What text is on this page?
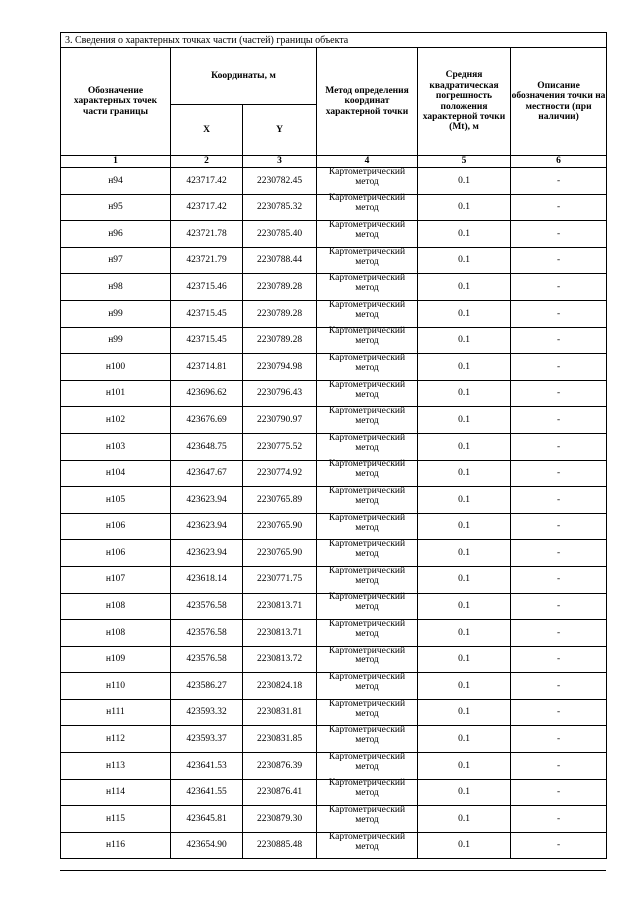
3. Сведения о характерных точках части (частей) границы объекта					
Обозначение характерных точек части границы	Координаты, м		Метод определения координат характерной точки	Средняя квадратическая погрешность положения характерной точки (Mt), м	Описание обозначения точки на местности (при наличии)
	X	Y			
1	2	3	4	5	6
н94	423717.42	2230782.45	Картометрический метод	0.1	-
н95	423717.42	2230785.32	Картометрический метод	0.1	-
н96	423721.78	2230785.40	Картометрический метод	0.1	-
н97	423721.79	2230788.44	Картометрический метод	0.1	-
н98	423715.46	2230789.28	Картометрический метод	0.1	-
н99	423715.45	2230789.28	Картометрический метод	0.1	-
н99	423715.45	2230789.28	Картометрический метод	0.1	-
н100	423714.81	2230794.98	Картометрический метод	0.1	-
н101	423696.62	2230796.43	Картометрический метод	0.1	-
н102	423676.69	2230790.97	Картометрический метод	0.1	-
н103	423648.75	2230775.52	Картометрический метод	0.1	-
н104	423647.67	2230774.92	Картометрический метод	0.1	-
н105	423623.94	2230765.89	Картометрический метод	0.1	-
н106	423623.94	2230765.90	Картометрический метод	0.1	-
н106	423623.94	2230765.90	Картометрический метод	0.1	-
н107	423618.14	2230771.75	Картометрический метод	0.1	-
н108	423576.58	2230813.71	Картометрический метод	0.1	-
н108	423576.58	2230813.71	Картометрический метод	0.1	-
н109	423576.58	2230813.72	Картометрический метод	0.1	-
н110	423586.27	2230824.18	Картометрический метод	0.1	-
н111	423593.32	2230831.81	Картометрический метод	0.1	-
н112	423593.37	2230831.85	Картометрический метод	0.1	-
н113	423641.53	2230876.39	Картометрический метод	0.1	-
н114	423641.55	2230876.41	Картометрический метод	0.1	-
н115	423645.81	2230879.30	Картометрический метод	0.1	-
н116	423654.90	2230885.48	Картометрический метод	0.1	-
